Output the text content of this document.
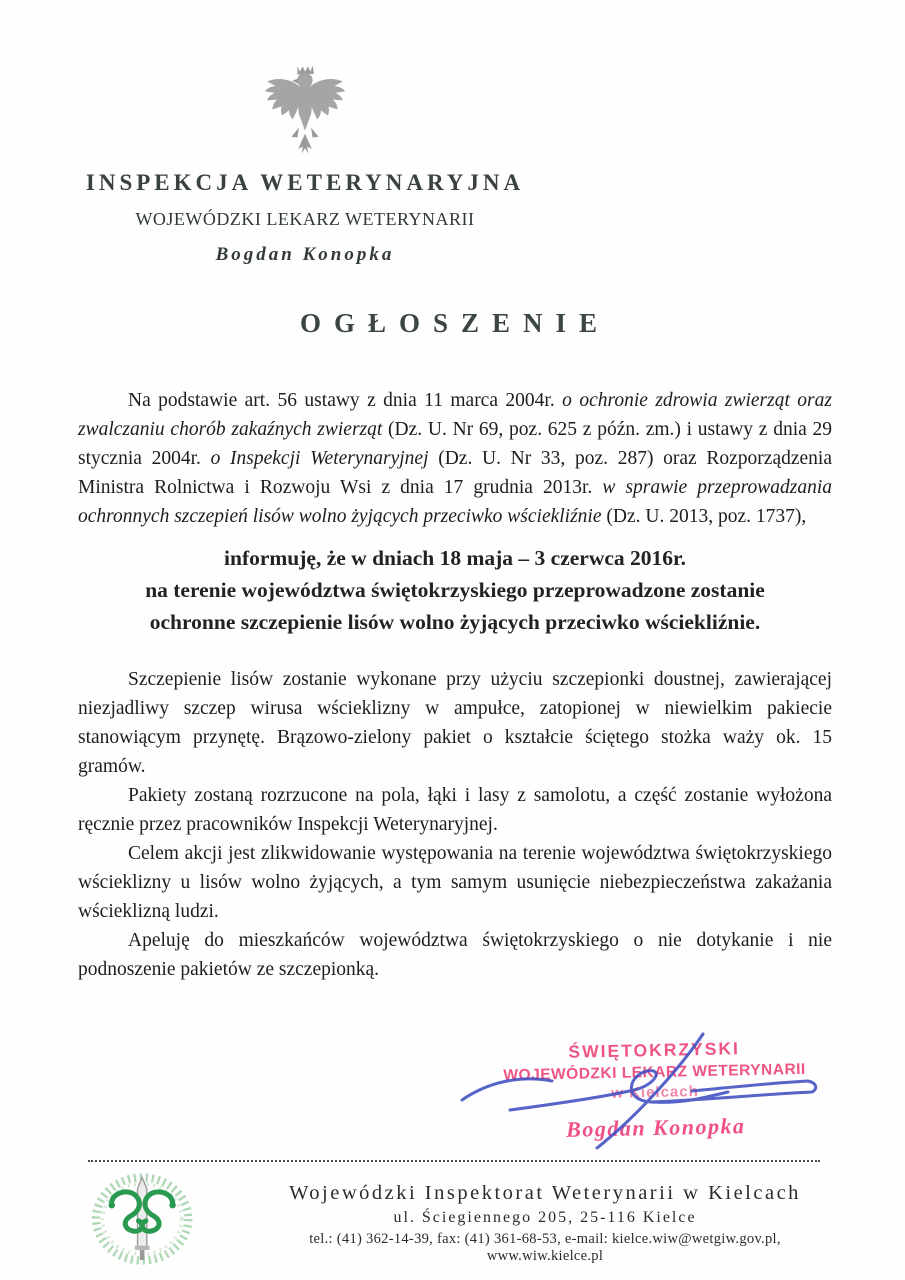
INSPEKCJA WETERYNARYJNA
WOJEWÓDZKI LEKARZ WETERYNARII
Bogdan Konopka
OGŁOSZENIE

Na podstawie art. 56 ustawy z dnia 11 marca 2004r. o ochronie zdrowia zwierząt oraz zwalczaniu chorób zakaźnych zwierząt (Dz. U. Nr 69, poz. 625 z późn. zm.) i ustawy z dnia 29 stycznia 2004r. o Inspekcji Weterynaryjnej (Dz. U. Nr 33, poz. 287) oraz Rozporządzenia Ministra Rolnictwa i Rozwoju Wsi z dnia 17 grudnia 2013r. w sprawie przeprowadzania ochronnych szczepień lisów wolno żyjących przeciwko wściekliźnie (Dz. U. 2013, poz. 1737),

informuję, że w dniach 18 maja – 3 czerwca 2016r.
na terenie województwa świętokrzyskiego przeprowadzone zostanie
ochronne szczepienie lisów wolno żyjących przeciwko wściekliźnie.

Szczepienie lisów zostanie wykonane przy użyciu szczepionki doustnej, zawierającej niezjadliwy szczep wirusa wścieklizny w ampułce, zatopionej w niewielkim pakiecie stanowiącym przynętę. Brązowo-zielony pakiet o kształcie ściętego stożka waży ok. 15 gramów.

Pakiety zostaną rozrzucone na pola, łąki i lasy z samolotu, a część zostanie wyłożona ręcznie przez pracowników Inspekcji Weterynaryjnej.

Celem akcji jest zlikwidowanie występowania na terenie województwa świętokrzyskiego wścieklizny u lisów wolno żyjących, a tym samym usunięcie niebezpieczeństwa zakażania wścieklizną ludzi.

Apeluję do mieszkańców województwa świętokrzyskiego o nie dotykanie i nie podnoszenie pakietów ze szczepionką.

ŚWIĘTOKRZYSKI
WOJEWÓDZKI LEKARZ WETERYNARII
w Kielcach
Bogdan Konopka
Wojewódzki Inspektorat Weterynarii w Kielcach
ul. Ściegiennego 205, 25-116 Kielce
tel.: (41) 362-14-39, fax: (41) 361-68-53, e-mail: kielce.wiw@wetgiw.gov.pl, www.wiw.kielce.pl
